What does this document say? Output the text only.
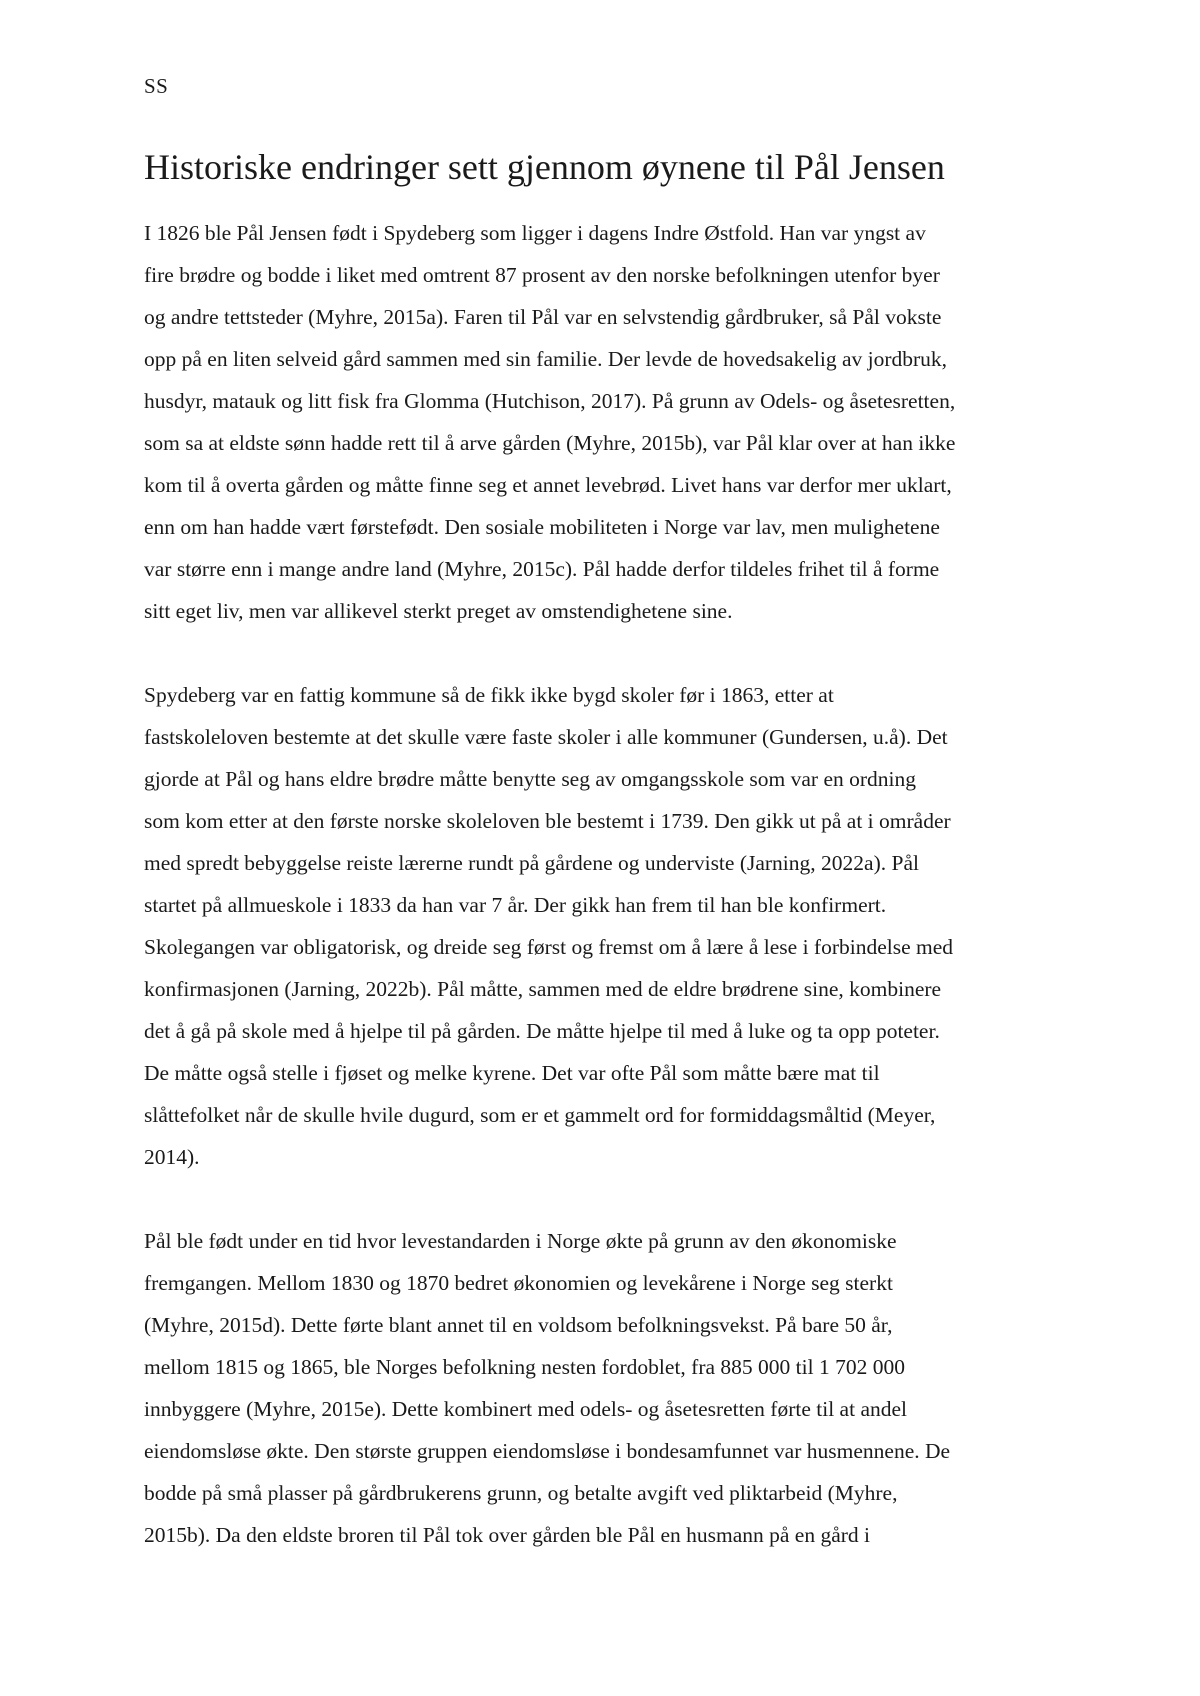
SS
Historiske endringer sett gjennom øynene til Pål Jensen

I 1826 ble Pål Jensen født i Spydeberg som ligger i dagens Indre Østfold. Han var yngst av
fire brødre og bodde i liket med omtrent 87 prosent av den norske befolkningen utenfor byer
og andre tettsteder (Myhre, 2015a). Faren til Pål var en selvstendig gårdbruker, så Pål vokste
opp på en liten selveid gård sammen med sin familie. Der levde de hovedsakelig av jordbruk,
husdyr, matauk og litt fisk fra Glomma (Hutchison, 2017). På grunn av Odels- og åsetesretten,
som sa at eldste sønn hadde rett til å arve gården (Myhre, 2015b), var Pål klar over at han ikke
kom til å overta gården og måtte finne seg et annet levebrød. Livet hans var derfor mer uklart,
enn om han hadde vært førstefødt. Den sosiale mobiliteten i Norge var lav, men mulighetene
var større enn i mange andre land (Myhre, 2015c). Pål hadde derfor tildeles frihet til å forme
sitt eget liv, men var allikevel sterkt preget av omstendighetene sine.

Spydeberg var en fattig kommune så de fikk ikke bygd skoler før i 1863, etter at
fastskoleloven bestemte at det skulle være faste skoler i alle kommuner (Gundersen, u.å). Det
gjorde at Pål og hans eldre brødre måtte benytte seg av omgangsskole som var en ordning
som kom etter at den første norske skoleloven ble bestemt i 1739. Den gikk ut på at i områder
med spredt bebyggelse reiste lærerne rundt på gårdene og underviste (Jarning, 2022a). Pål
startet på allmueskole i 1833 da han var 7 år. Der gikk han frem til han ble konfirmert.
Skolegangen var obligatorisk, og dreide seg først og fremst om å lære å lese i forbindelse med
konfirmasjonen (Jarning, 2022b). Pål måtte, sammen med de eldre brødrene sine, kombinere
det å gå på skole med å hjelpe til på gården. De måtte hjelpe til med å luke og ta opp poteter.
De måtte også stelle i fjøset og melke kyrene. Det var ofte Pål som måtte bære mat til
slåttefolket når de skulle hvile dugurd, som er et gammelt ord for formiddagsmåltid (Meyer,
2014).

Pål ble født under en tid hvor levestandarden i Norge økte på grunn av den økonomiske
fremgangen. Mellom 1830 og 1870 bedret økonomien og levekårene i Norge seg sterkt
(Myhre, 2015d). Dette førte blant annet til en voldsom befolkningsvekst. På bare 50 år,
mellom 1815 og 1865, ble Norges befolkning nesten fordoblet, fra 885 000 til 1 702 000
innbyggere (Myhre, 2015e). Dette kombinert med odels- og åsetesretten førte til at andel
eiendomsløse økte. Den største gruppen eiendomsløse i bondesamfunnet var husmennene. De
bodde på små plasser på gårdbrukerens grunn, og betalte avgift ved pliktarbeid (Myhre,
2015b). Da den eldste broren til Pål tok over gården ble Pål en husmann på en gård i
